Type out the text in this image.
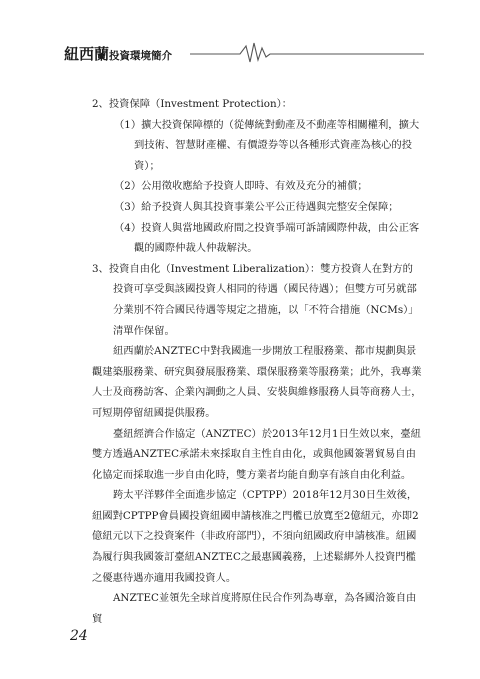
紐西蘭投資環境簡介

2、投資保障（Investment Protection）：

（1）擴大投資保障標的（從傳統對動產及不動產等相關權利，擴大到技術、智慧財產權、有價證券等以各種形式資產為核心的投資）；

（2）公用徵收應給予投資人即時、有效及充分的補償；

（3）給予投資人與其投資事業公平公正待遇與完整安全保障；

（4）投資人與當地國政府間之投資爭端可訴請國際仲裁，由公正客觀的國際仲裁人仲裁解決。

3、投資自由化（Investment Liberalization）：雙方投資人在對方的投資可享受與該國投資人相同的待遇（國民待遇）；但雙方可另就部分業別不符合國民待遇等規定之措施，以「不符合措施（NCMs）」清單作保留。

紐西蘭於ANZTEC中對我國進一步開放工程服務業、都市規劃與景觀建築服務業、研究與發展服務業、環保服務業等服務業；此外，我專業人士及商務訪客、企業內調動之人員、安裝與維修服務人員等商務人士，可短期停留紐國提供服務。

臺紐經濟合作協定（ANZTEC）於2013年12月1日生效以來，臺紐雙方透過ANZTEC承諾未來採取自主性自由化，或與他國簽署貿易自由化協定而採取進一步自由化時，雙方業者均能自動享有該自由化利益。

跨太平洋夥伴全面進步協定（CPTPP）2018年12月30日生效後，紐國對CPTPP會員國投資紐國申請核准之門檻已放寬至2億紐元，亦即2億紐元以下之投資案件（非政府部門），不須向紐國政府申請核准。紐國為履行與我國簽訂臺紐ANZTEC之最惠國義務，上述鬆綁外人投資門檻之優惠待遇亦適用我國投資人。

ANZTEC並領先全球首度將原住民合作列為專章，為各國洽簽自由貿

24
